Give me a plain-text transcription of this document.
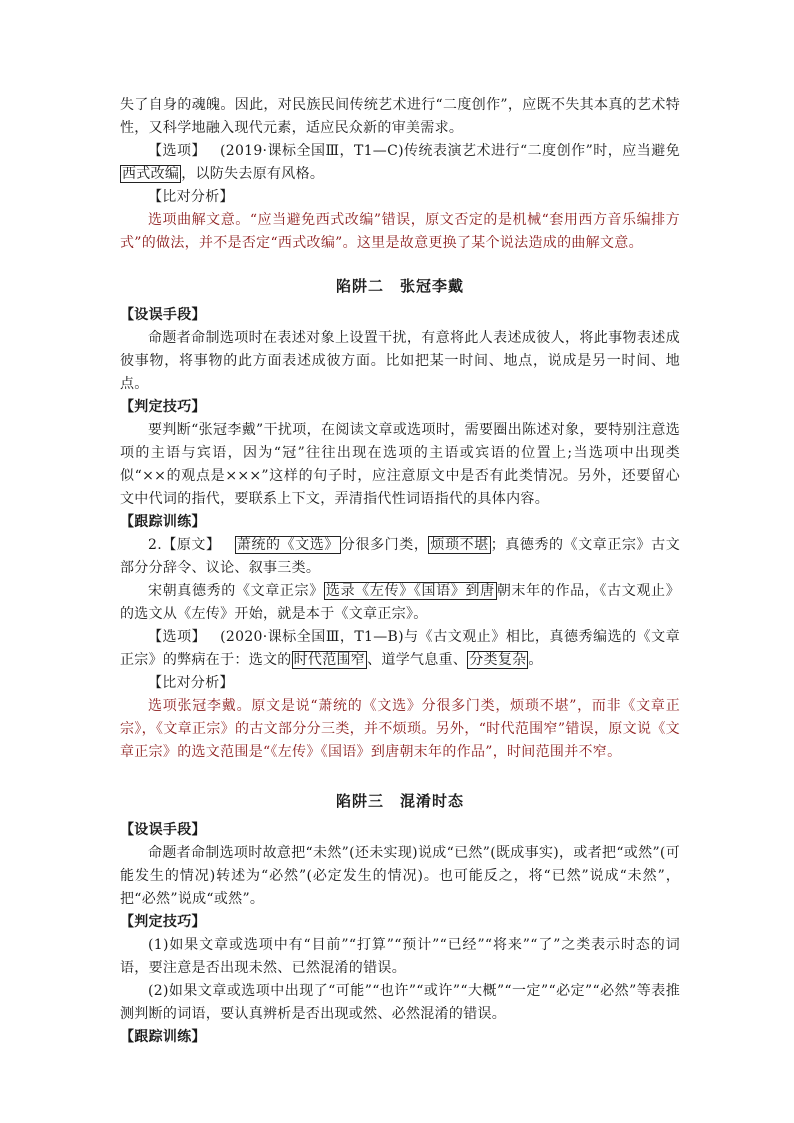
失了自身的魂魄。因此，对民族民间传统艺术进行“二度创作”，应既不失其本真的艺术特性，又科学地融入现代元素，适应民众新的审美需求。

【选项】 (2019·课标全国Ⅲ，T1—C)传统表演艺术进行“二度创作”时，应当避免西式改编 ，以防失去原有风格。

【比对分析】

选项曲解文意。“应当避免西式改编”错误，原文否定的是机械“套用西方音乐编排方式”的做法，并不是否定“西式改编”。这里是故意更换了某个说法造成的曲解文意。

陷阱二　张冠李戴

【设误手段】

命题者命制选项时在表述对象上设置干扰，有意将此人表述成彼人，将此事物表述成彼事物，将事物的此方面表述成彼方面。比如把某一时间、地点，说成是另一时间、地点。

【判定技巧】

要判断“张冠李戴”干扰项，在阅读文章或选项时，需要圈出陈述对象，要特别注意选项的主语与宾语，因为“冠”往往出现在选项的主语或宾语的位置上;当选项中出现类似“××的观点是×××”这样的句子时，应注意原文中是否有此类情况。另外，还要留心文中代词的指代，要联系上下文，弄清指代性词语指代的具体内容。

【跟踪训练】

2.【原文】 萧统的《文选》 分很多门类， 烦琐不堪 ；真德秀的《文章正宗》古文部分分辞令、议论、叙事三类。

宋朝真德秀的《文章正宗》 选录《左传》《国语》到唐 朝末年的作品，《古文观止》的选文从《左传》开始，就是本于《文章正宗》。

【选项】 (2020·课标全国Ⅲ，T1—B)与《古文观止》相比，真德秀编选的《文章正宗》的弊病在于：选文的 时代范围窄 、道学气息重、 分类复杂 。

【比对分析】

选项张冠李戴。原文是说“萧统的《文选》分很多门类，烦琐不堪”，而非《文章正宗》，《文章正宗》的古文部分分三类，并不烦琐。另外，“时代范围窄”错误，原文说《文章正宗》的选文范围是“《左传》《国语》到唐朝末年的作品”，时间范围并不窄。

陷阱三　混淆时态

【设误手段】

命题者命制选项时故意把“未然”(还未实现)说成“已然”(既成事实)，或者把“或然”(可能发生的情况)转述为“必然”(必定发生的情况)。也可能反之，将“已然”说成“未然”，把“必然”说成“或然”。

【判定技巧】

(1)如果文章或选项中有“目前”“打算”“预计”“已经”“将来”“了”之类表示时态的词语，要注意是否出现未然、已然混淆的错误。

(2)如果文章或选项中出现了“可能”“也许”“或许”“大概”“一定”“必定”“必然”等表推测判断的词语，要认真辨析是否出现或然、必然混淆的错误。

【跟踪训练】
